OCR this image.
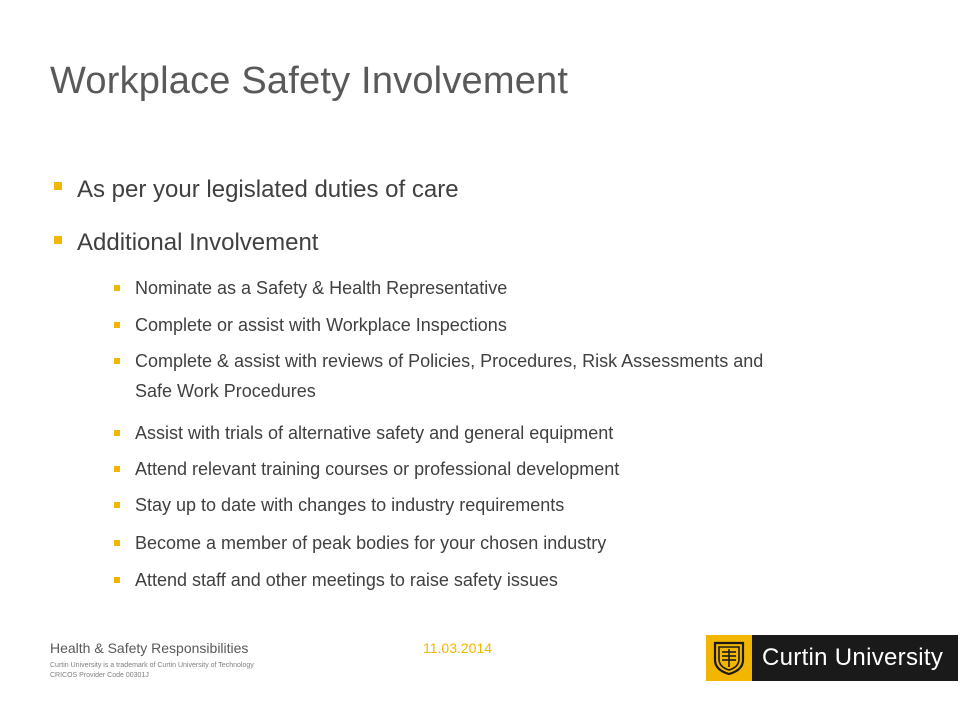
Workplace Safety Involvement
As per your legislated duties of care
Additional Involvement
Nominate as a Safety & Health Representative
Complete or assist with Workplace Inspections
Complete & assist with reviews of Policies, Procedures, Risk Assessments and Safe Work Procedures
Assist with trials of alternative safety and general equipment
Attend relevant training courses or professional development
Stay up to date with changes to industry requirements
Become a member of peak bodies for your chosen industry
Attend staff and other meetings to raise safety issues
Health & Safety Responsibilities	11.03.2014
Curtin University is a trademark of Curtin University of Technology
CRICOS Provider Code 00301J
Curtin University
